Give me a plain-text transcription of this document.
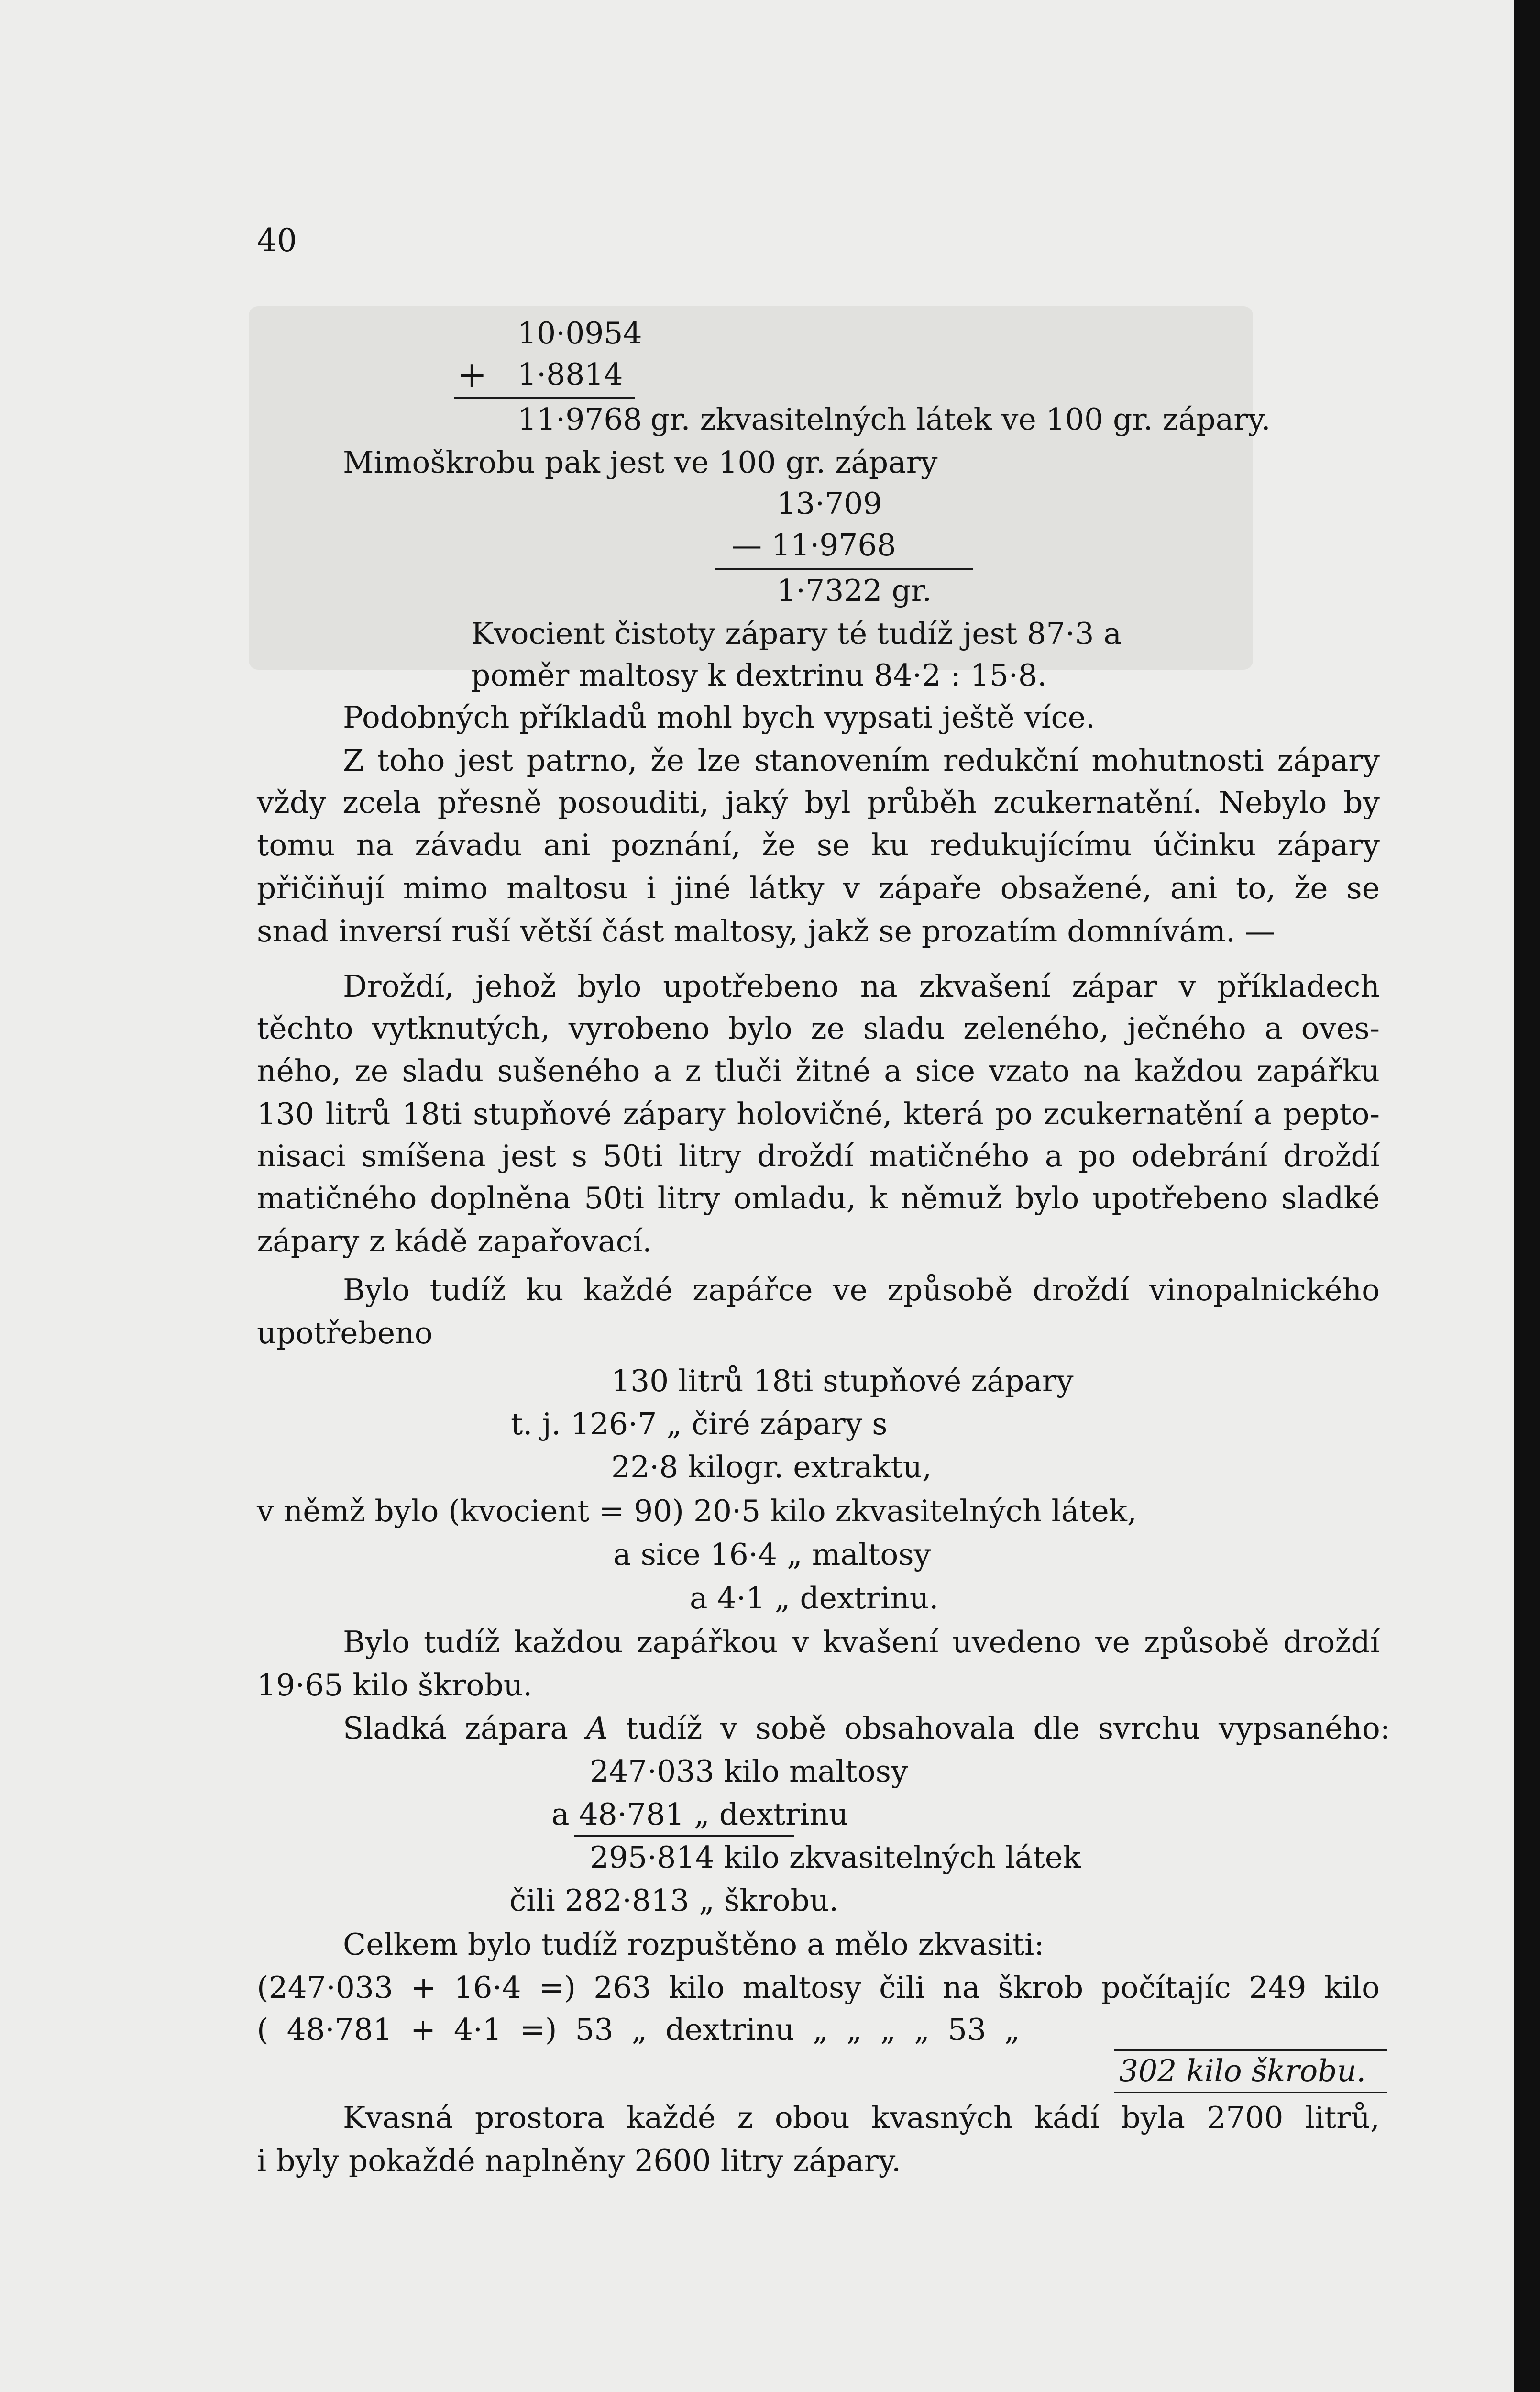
40
10·0954
+ 1·8814
11·9768 gr. zkvasitelných látek ve 100 gr. zápary.
Mimoškrobu pak jest ve 100 gr. zápary
13·709
— 11·9768
1·7322 gr.
Kvocient čistoty zápary té tudíž jest 87·3 a
poměr maltosy k dextrinu 84·2 : 15·8.
Podobných příkladů mohl bych vypsati ještě více.
Z toho jest patrno, že lze stanovením redukční mohutnosti zápary
vždy zcela přesně posouditi, jaký byl průběh zcukernatění. Nebylo by
tomu na závadu ani poznání, že se ku redukujícímu účinku zápary
přičiňují mimo maltosu i jiné látky v zápaře obsažené, ani to, že se
snad inversí ruší větší část maltosy, jakž se prozatím domnívám. —
Droždí, jehož bylo upotřebeno na zkvašení zápar v příkladech
těchto vytknutých, vyrobeno bylo ze sladu zeleného, ječného a oves-
ného, ze sladu sušeného a z tluči žitné a sice vzato na každou zapářku
130 litrů 18ti stupňové zápary holovičné, která po zcukernatění a pepto-
nisaci smíšena jest s 50ti litry droždí matičného a po odebrání droždí
matičného doplněna 50ti litry omladu, k němuž bylo upotřebeno sladké
zápary z kádě zapařovací.
Bylo tudíž ku každé zapářce ve způsobě droždí vinopalnického
upotřebeno
130 litrů 18ti stupňové zápary
t. j. 126·7 „ čiré zápary s
22·8 kilogr. extraktu,
v němž bylo (kvocient = 90) 20·5 kilo zkvasitelných látek,
a sice 16·4 „ maltosy
a 4·1 „ dextrinu.
Bylo tudíž každou zapářkou v kvašení uvedeno ve způsobě droždí
19·65 kilo škrobu.
Sladká zápara A tudíž v sobě obsahovala dle svrchu vypsaného:
247·033 kilo maltosy
a 48·781 „ dextrinu
295·814 kilo zkvasitelných látek
čili 282·813 „ škrobu.
Celkem bylo tudíž rozpuštěno a mělo zkvasiti:
(247·033 + 16·4 =) 263 kilo maltosy čili na škrob počítajíc 249 kilo
( 48·781 + 4·1 =) 53 „ dextrinu „ „ „ „ 53 „
302 kilo škrobu.
Kvasná prostora každé z obou kvasných kádí byla 2700 litrů,
i byly pokaždé naplněny 2600 litry zápary.
